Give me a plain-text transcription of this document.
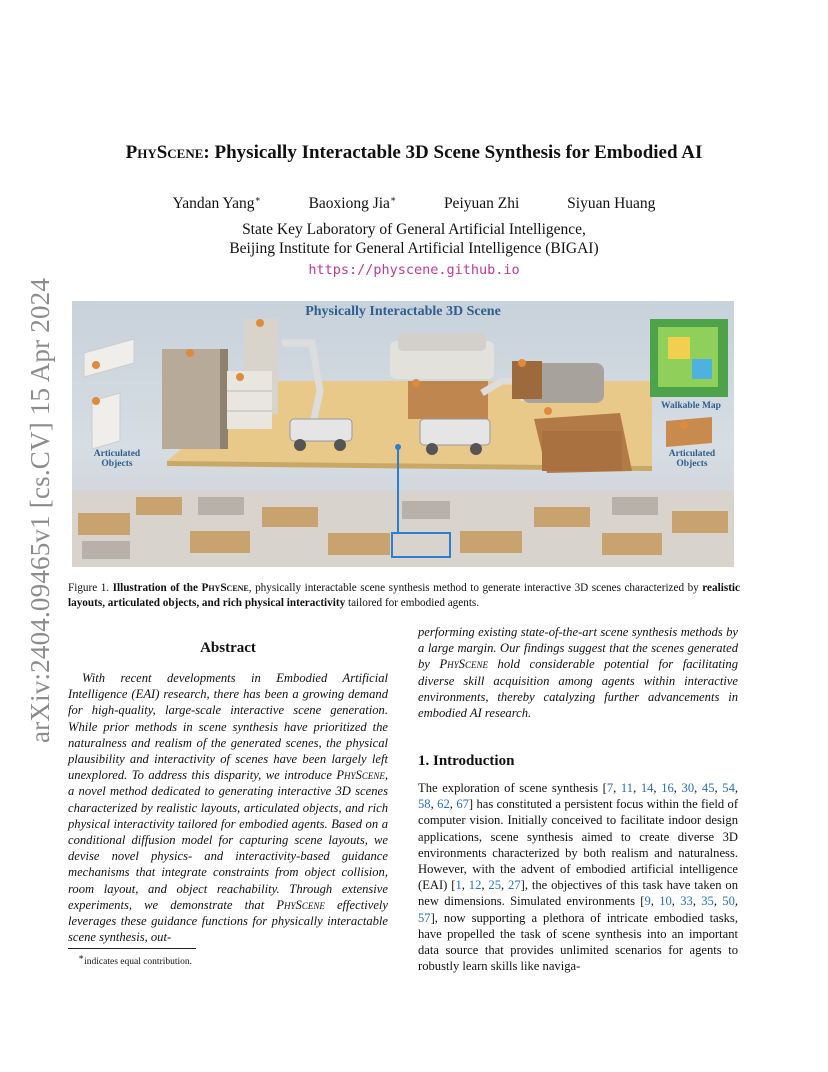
arXiv:2404.09465v1 [cs.CV] 15 Apr 2024
PhyScene: Physically Interactable 3D Scene Synthesis for Embodied AI
Yandan Yang∗	Baoxiong Jia∗	Peiyuan Zhi	Siyuan Huang
State Key Laboratory of General Artificial Intelligence,
Beijing Institute for General Artificial Intelligence (BIGAI)
https://physcene.github.io
Physically Interactable 3D Scene
Articulated Objects
Articulated Objects
Walkable Map
Figure 1. Illustration of the PhyScene, physically interactable scene synthesis method to generate interactive 3D scenes characterized by realistic layouts, articulated objects, and rich physical interactivity tailored for embodied agents.
Abstract
With recent developments in Embodied Artificial Intelligence (EAI) research, there has been a growing demand for high-quality, large-scale interactive scene generation. While prior methods in scene synthesis have prioritized the naturalness and realism of the generated scenes, the physical plausibility and interactivity of scenes have been largely left unexplored. To address this disparity, we introduce PhyScene, a novel method dedicated to generating interactive 3D scenes characterized by realistic layouts, articulated objects, and rich physical interactivity tailored for embodied agents. Based on a conditional diffusion model for capturing scene layouts, we devise novel physics- and interactivity-based guidance mechanisms that integrate constraints from object collision, room layout, and object reachability. Through extensive experiments, we demonstrate that PhyScene effectively leverages these guidance functions for physically interactable scene synthesis, out-
performing existing state-of-the-art scene synthesis methods by a large margin. Our findings suggest that the scenes generated by PhyScene hold considerable potential for facilitating diverse skill acquisition among agents within interactive environments, thereby catalyzing further advancements in embodied AI research.
1. Introduction
The exploration of scene synthesis [7, 11, 14, 16, 30, 45, 54, 58, 62, 67] has constituted a persistent focus within the field of computer vision. Initially conceived to facilitate indoor design applications, scene synthesis aimed to create diverse 3D environments characterized by both realism and naturalness. However, with the advent of embodied artificial intelligence (EAI) [1, 12, 25, 27], the objectives of this task have taken on new dimensions. Simulated environments [9, 10, 33, 35, 50, 57], now supporting a plethora of intricate embodied tasks, have propelled the task of scene synthesis into an important data source that provides unlimited scenarios for agents to robustly learn skills like naviga-
∗indicates equal contribution.
